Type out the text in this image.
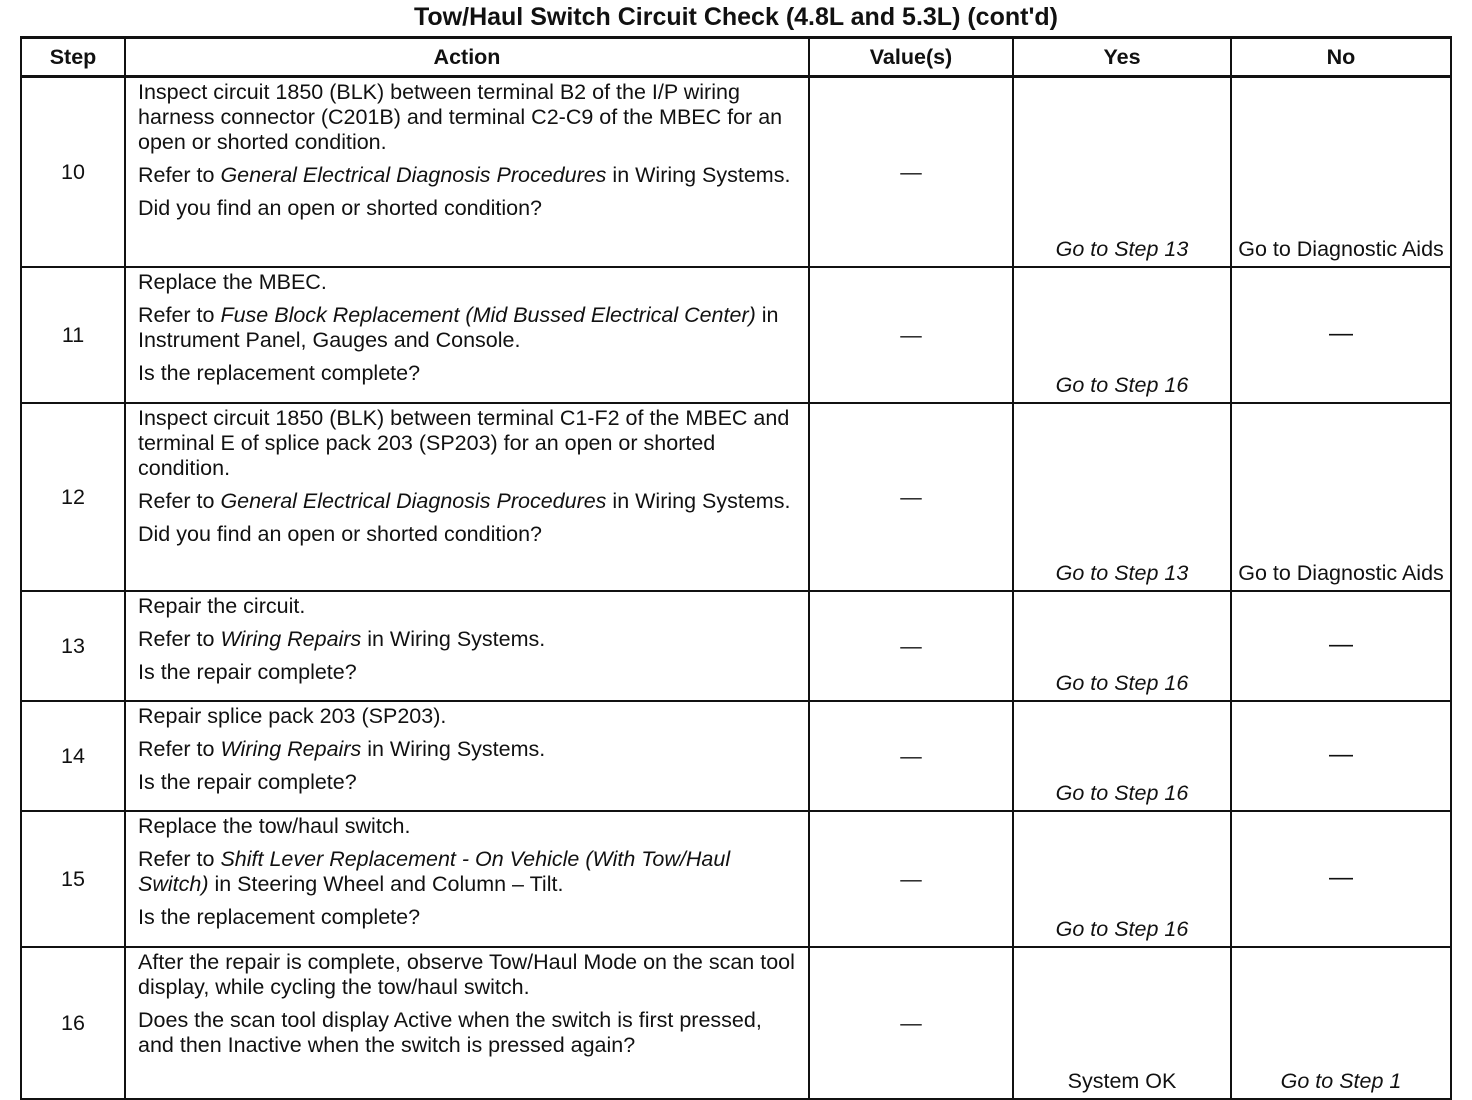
Tow/Haul Switch Circuit Check (4.8L and 5.3L) (cont'd)
Step	Action	Value(s)	Yes	No
10	Inspect circuit 1850 (BLK) between terminal B2 of the I/P wiring harness connector (C201B) and terminal C2-C9 of the MBEC for an open or shorted condition.
Refer to General Electrical Diagnosis Procedures in Wiring Systems.
Did you find an open or shorted condition?	—	Go to Step 13	Go to Diagnostic Aids
11	Replace the MBEC.
Refer to Fuse Block Replacement (Mid Bussed Electrical Center) in Instrument Panel, Gauges and Console.
Is the replacement complete?	—	Go to Step 16	—
12	Inspect circuit 1850 (BLK) between terminal C1-F2 of the MBEC and terminal E of splice pack 203 (SP203) for an open or shorted condition.
Refer to General Electrical Diagnosis Procedures in Wiring Systems.
Did you find an open or shorted condition?	—	Go to Step 13	Go to Diagnostic Aids
13	Repair the circuit.
Refer to Wiring Repairs in Wiring Systems.
Is the repair complete?	—	Go to Step 16	—
14	Repair splice pack 203 (SP203).
Refer to Wiring Repairs in Wiring Systems.
Is the repair complete?	—	Go to Step 16	—
15	Replace the tow/haul switch.
Refer to Shift Lever Replacement - On Vehicle (With Tow/Haul Switch) in Steering Wheel and Column – Tilt.
Is the replacement complete?	—	Go to Step 16	—
16	After the repair is complete, observe Tow/Haul Mode on the scan tool display, while cycling the tow/haul switch.
Does the scan tool display Active when the switch is first pressed, and then Inactive when the switch is pressed again?	—	System OK	Go to Step 1
